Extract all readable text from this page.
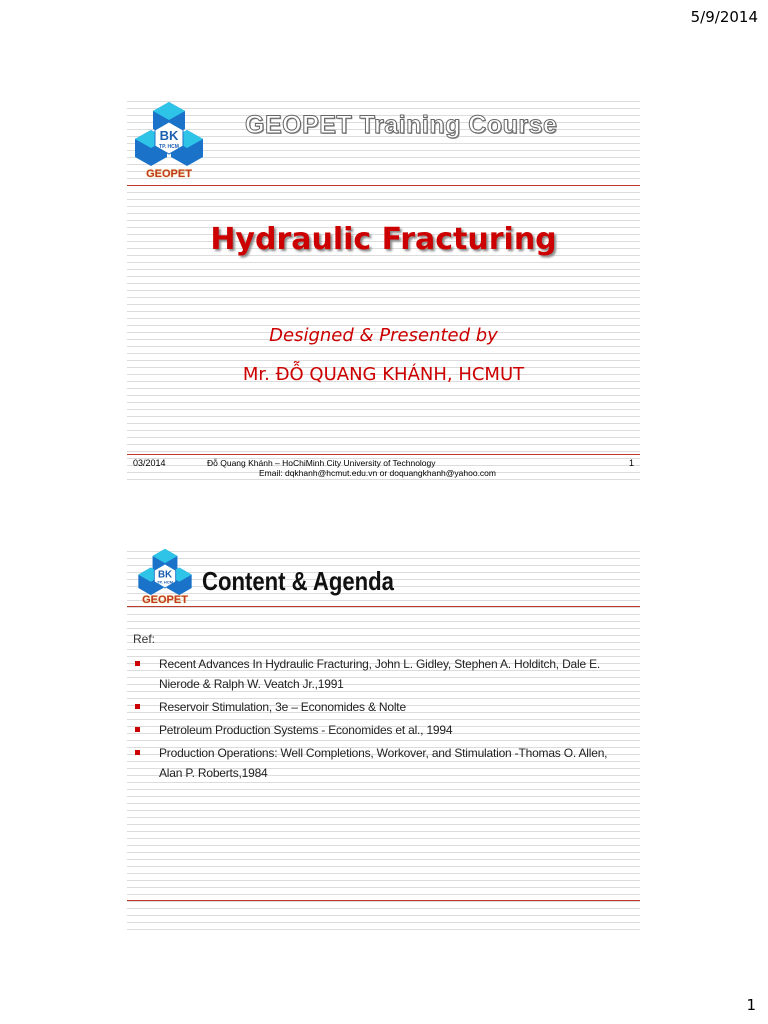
5/9/2014
BK
TP. HCM
GEOPET
GEOPET Training Course
Hydraulic Fracturing
Designed & Presented by
Mr. ĐỖ QUANG KHÁNH, HCMUT
03/2014	Đỗ Quang Khánh – HoChiMinh City University of Technology
Email: dqkhanh@hcmut.edu.vn or doquangkhanh@yahoo.com
1
BK
TP. HCM
GEOPET
Content & Agenda
Ref:
Recent Advances In Hydraulic Fracturing, John L. Gidley, Stephen A. Holditch, Dale E. Nierode & Ralph W. Veatch Jr.,1991
Reservoir Stimulation, 3e – Economides & Nolte
Petroleum Production Systems - Economides et al., 1994
Production Operations: Well Completions, Workover, and Stimulation -Thomas O. Allen, Alan P. Roberts,1984
1
